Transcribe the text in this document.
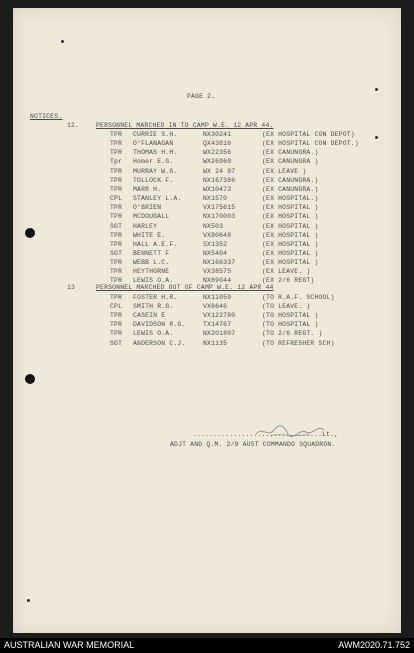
PAGE 2.
NOTICES.
12.	PERSONNEL MARCHED IN TO CAMP W.E. 12 APR 44.
TPR CURRIE S.H.	NX30241	(EX HOSPITAL CON DEPOT)
TPR O'FLANAGAN	QX43816	(EX HOSPITAL CON DEPOT.)
TPR THOMAS H.H.	WX22356	(EX CANUNGRA.)
Tpr Homer E.G.	WX26960	(EX CANUNGRA )
TPR MURRAY W.G.	WX 24 97	(EX LEAVE )
TPR TOLLOCK F.	NX167386	(EX CANUNGRA.)
TPR MARR H.	WX10473	(EX CANUNGRA.)
CPL STANLEY L.A.	NX1570	(EX HOSPITAL.)
TPR O'BRIEN	VX175615	(EX HOSPITAL )
TPR MCDOUGALL	NX170003	(EX HOSPITAL )
SGT HARLEY	NX503	(EX HOSPITAL )
TPR WHITE E.	VX80648	(EX HOSPITAL )
TPR HALL A.E.F.	SX1352	(EX HOSPITAL )
SGT BENNETT F	NX5404	(EX HOSPITAL )
TPR WEBB L.C.	NX166337	(EX HOSPITAL )
TPR HEYTHORNE	VX38575	(EX LEAVE. )
TPR LEWIS O.A.	NX69044	(EX 2/6 REGT)
13	PERSONNEL MARCHED OUT OF CAMP W.E. 12 APR 44
TPR FOSTER H.R.	NX11059	(TO R.A.F. SCHOOL)
CPL SMITH R.G.	VX6646	(TO LEAVE. )
TPR CASEIN E	VX122780	(TO HOSPITAL )
TPR DAVIDSON R.G.	TX14767	(TO HOSPITAL )
TPR LEWIS O.A.	NX201807	(TO 2/6 REGT. )
SGT ANDERSON C.J.	NX1135	(TO REFRESHER SCH)
................................Lt.,
ADJT AND Q.M. 2/9 AUST COMMANDO SQUADRON.
AUSTRALIAN WAR MEMORIAL	AWM2020.71.752
